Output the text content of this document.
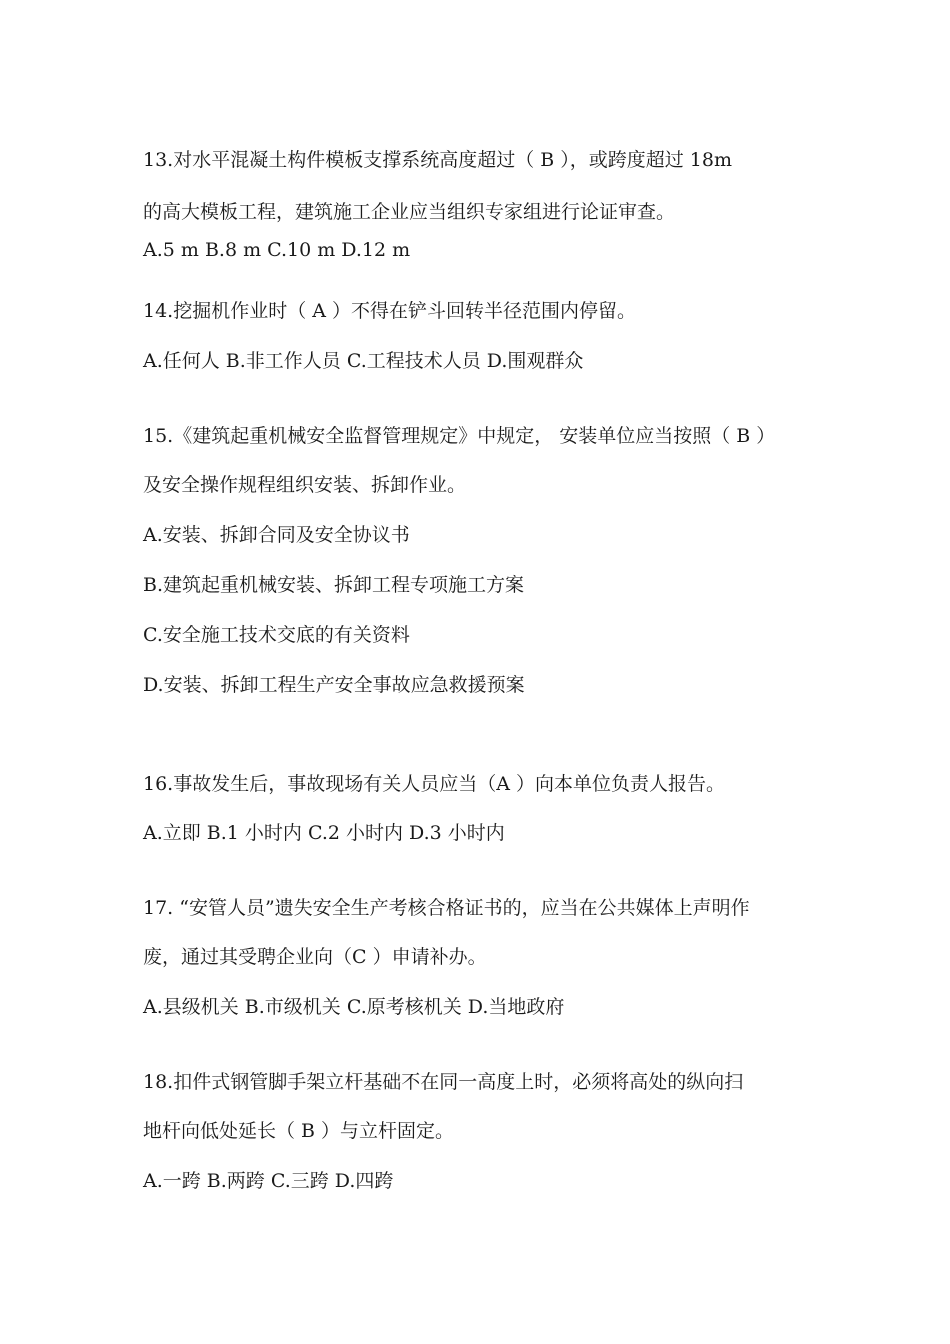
13.对水平混凝土构件模板支撑系统高度超过（ B ），或跨度超过 18m
的高大模板工程，建筑施工企业应当组织专家组进行论证审查。
A.5 m B.8 m C.10 m D.12 m
14.挖掘机作业时（ A ）不得在铲斗回转半径范围内停留。
A.任何人 B.非工作人员 C.工程技术人员 D.围观群众
15.《建筑起重机械安全监督管理规定》中规定， 安装单位应当按照（ B ）
及安全操作规程组织安装、拆卸作业。
A.安装、拆卸合同及安全协议书
B.建筑起重机械安装、拆卸工程专项施工方案
C.安全施工技术交底的有关资料
D.安装、拆卸工程生产安全事故应急救援预案
16.事故发生后，事故现场有关人员应当（A ）向本单位负责人报告。
A.立即 B.1 小时内 C.2 小时内 D.3 小时内
17. “安管人员”遗失安全生产考核合格证书的，应当在公共媒体上声明作
废，通过其受聘企业向（C ）申请补办。
A.县级机关 B.市级机关 C.原考核机关 D.当地政府
18.扣件式钢管脚手架立杆基础不在同一高度上时，必须将高处的纵向扫
地杆向低处延长（ B ）与立杆固定。
A.一跨 B.两跨 C.三跨 D.四跨
